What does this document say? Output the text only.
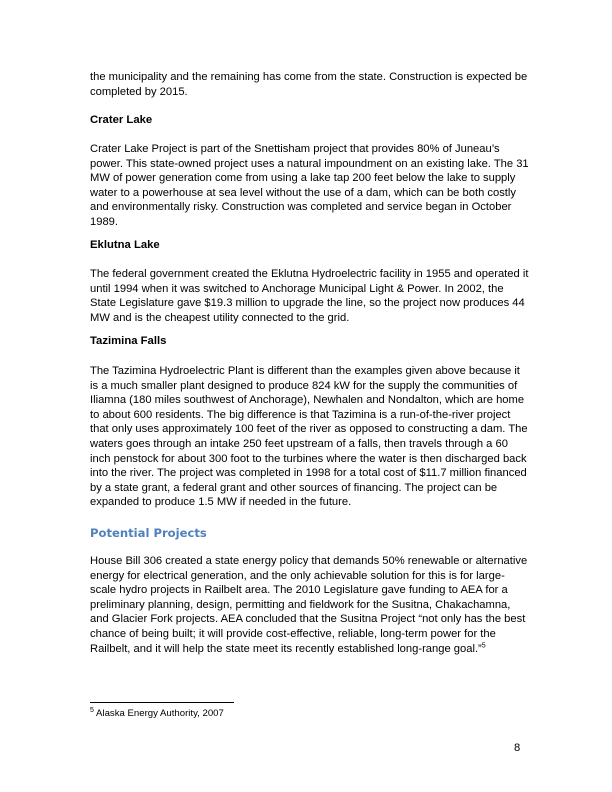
the municipality and the remaining has come from the state. Construction is expected be completed by 2015.

Crater Lake

Crater Lake Project is part of the Snettisham project that provides 80% of Juneau’s power. This state-owned project uses a natural impoundment on an existing lake. The 31 MW of power generation come from using a lake tap 200 feet below the lake to supply water to a powerhouse at sea level without the use of a dam, which can be both costly and environmentally risky. Construction was completed and service began in October 1989.

Eklutna Lake

The federal government created the Eklutna Hydroelectric facility in 1955 and operated it until 1994 when it was switched to Anchorage Municipal Light & Power. In 2002, the State Legislature gave $19.3 million to upgrade the line, so the project now produces 44 MW and is the cheapest utility connected to the grid.

Tazimina Falls

The Tazimina Hydroelectric Plant is different than the examples given above because it is a much smaller plant designed to produce 824 kW for the supply the communities of Iliamna (180 miles southwest of Anchorage), Newhalen and Nondalton, which are home to about 600 residents. The big difference is that Tazimina is a run-of-the-river project that only uses approximately 100 feet of the river as opposed to constructing a dam. The waters goes through an intake 250 feet upstream of a falls, then travels through a 60 inch penstock for about 300 foot to the turbines where the water is then discharged back into the river. The project was completed in 1998 for a total cost of $11.7 million financed by a state grant, a federal grant and other sources of financing. The project can be expanded to produce 1.5 MW if needed in the future.

Potential Projects

House Bill 306 created a state energy policy that demands 50% renewable or alternative energy for electrical generation, and the only achievable solution for this is for large-scale hydro projects in Railbelt area. The 2010 Legislature gave funding to AEA for a preliminary planning, design, permitting and fieldwork for the Susitna, Chakachamna, and Glacier Fork projects. AEA concluded that the Susitna Project “not only has the best chance of being built; it will provide cost-effective, reliable, long-term power for the Railbelt, and it will help the state meet its recently established long-range goal.”$^5$

$^5$ Alaska Energy Authority, 2007

8
